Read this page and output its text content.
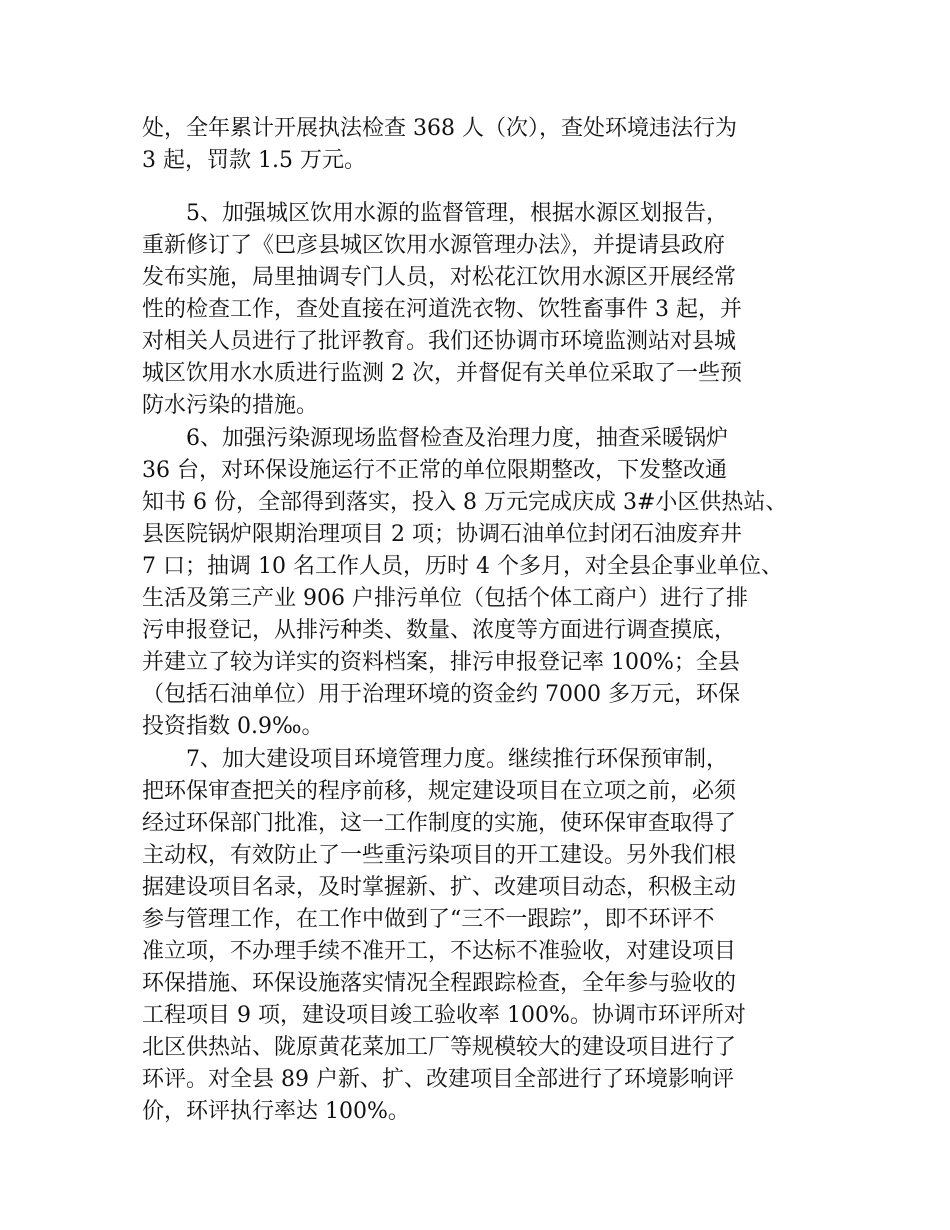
处，全年累计开展执法检查 368 人（次），查处环境违法行为
3 起，罚款 1.5 万元。
　　5、加强城区饮用水源的监督管理，根据水源区划报告，
重新修订了《巴彦县城区饮用水源管理办法》，并提请县政府
发布实施，局里抽调专门人员，对松花江饮用水源区开展经常
性的检查工作，查处直接在河道洗衣物、饮牲畜事件 3 起，并
对相关人员进行了批评教育。我们还协调市环境监测站对县城
城区饮用水水质进行监测 2 次，并督促有关单位采取了一些预
防水污染的措施。
　　6、加强污染源现场监督检查及治理力度，抽查采暖锅炉
36 台，对环保设施运行不正常的单位限期整改，下发整改通
知书 6 份，全部得到落实，投入 8 万元完成庆成 3#小区供热站、
县医院锅炉限期治理项目 2 项；协调石油单位封闭石油废弃井
7 口；抽调 10 名工作人员，历时 4 个多月，对全县企事业单位、
生活及第三产业 906 户排污单位（包括个体工商户）进行了排
污申报登记，从排污种类、数量、浓度等方面进行调查摸底，
并建立了较为详实的资料档案，排污申报登记率 100%；全县
（包括石油单位）用于治理环境的资金约 7000 多万元，环保
投资指数 0.9‰。
　　7、加大建设项目环境管理力度。继续推行环保预审制，
把环保审查把关的程序前移，规定建设项目在立项之前，必须
经过环保部门批准，这一工作制度的实施，使环保审查取得了
主动权，有效防止了一些重污染项目的开工建设。另外我们根
据建设项目名录，及时掌握新、扩、改建项目动态，积极主动
参与管理工作，在工作中做到了“三不一跟踪”，即不环评不
准立项，不办理手续不准开工，不达标不准验收，对建设项目
环保措施、环保设施落实情况全程跟踪检查，全年参与验收的
工程项目 9 项，建设项目竣工验收率 100%。协调市环评所对
北区供热站、陇原黄花菜加工厂等规模较大的建设项目进行了
环评。对全县 89 户新、扩、改建项目全部进行了环境影响评
价，环评执行率达 100%。
